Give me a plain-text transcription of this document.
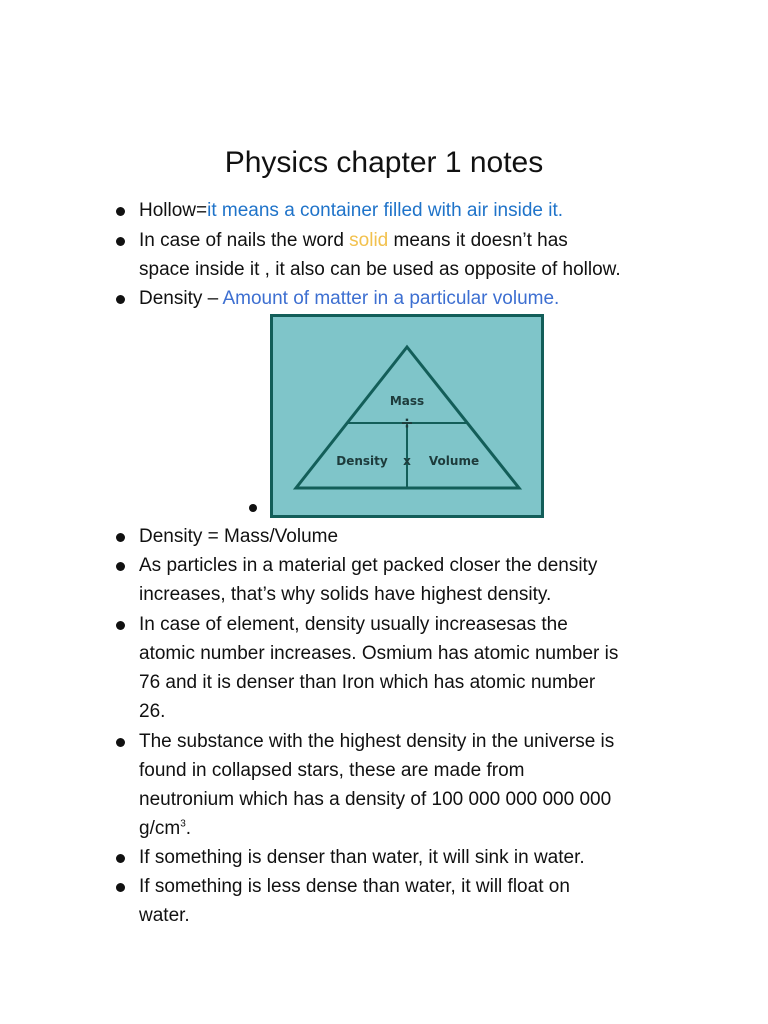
Physics chapter 1 notes
Hollow=it means a container filled with air inside it.
In case of nails the word solid means it doesn’t has
space inside it , it also can be used as opposite of hollow.
Density – Amount of matter in a particular volume.
Mass
÷
Density x Volume
Density = Mass/Volume
As particles in a material get packed closer the density
increases, that’s why solids have highest density.
In case of element, density usually increasesas the
atomic number increases. Osmium has atomic number is
76 and it is denser than Iron which has atomic number
26.
The substance with the highest density in the universe is
found in collapsed stars, these are made from
neutronium which has a density of 100 000 000 000 000
$g/cm^3$.
If something is denser than water, it will sink in water.
If something is less dense than water, it will float on
water.
